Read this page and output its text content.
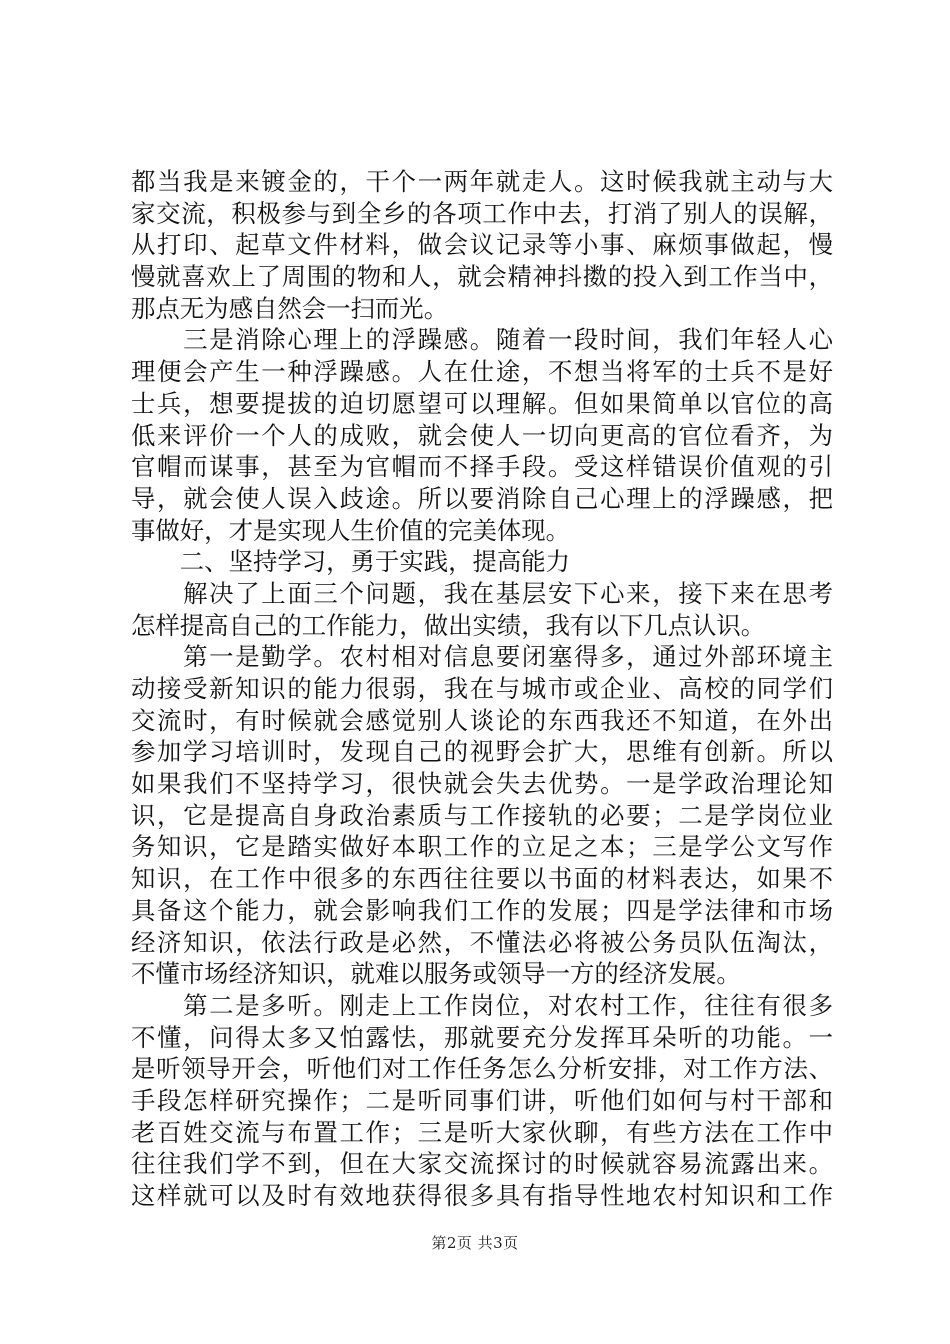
都当我是来镀金的，干个一两年就走人。这时候我就主动与大
家交流，积极参与到全乡的各项工作中去，打消了别人的误解，
从打印、起草文件材料，做会议记录等小事、麻烦事做起，慢
慢就喜欢上了周围的物和人，就会精神抖擞的投入到工作当中，
那点无为感自然会一扫而光。
　　三是消除心理上的浮躁感。随着一段时间，我们年轻人心
理便会产生一种浮躁感。人在仕途，不想当将军的士兵不是好
士兵，想要提拔的迫切愿望可以理解。但如果简单以官位的高
低来评价一个人的成败，就会使人一切向更高的官位看齐，为
官帽而谋事，甚至为官帽而不择手段。受这样错误价值观的引
导，就会使人误入歧途。所以要消除自己心理上的浮躁感，把
事做好，才是实现人生价值的完美体现。
　　二、坚持学习，勇于实践，提高能力
　　解决了上面三个问题，我在基层安下心来，接下来在思考
怎样提高自己的工作能力，做出实绩，我有以下几点认识。
　　第一是勤学。农村相对信息要闭塞得多，通过外部环境主
动接受新知识的能力很弱，我在与城市或企业、高校的同学们
交流时，有时候就会感觉别人谈论的东西我还不知道，在外出
参加学习培训时，发现自己的视野会扩大，思维有创新。所以
如果我们不坚持学习，很快就会失去优势。一是学政治理论知
识，它是提高自身政治素质与工作接轨的必要；二是学岗位业
务知识，它是踏实做好本职工作的立足之本；三是学公文写作
知识，在工作中很多的东西往往要以书面的材料表达，如果不
具备这个能力，就会影响我们工作的发展；四是学法律和市场
经济知识，依法行政是必然，不懂法必将被公务员队伍淘汰，
不懂市场经济知识，就难以服务或领导一方的经济发展。
　　第二是多听。刚走上工作岗位，对农村工作，往往有很多
不懂，问得太多又怕露怯，那就要充分发挥耳朵听的功能。一
是听领导开会，听他们对工作任务怎么分析安排，对工作方法、
手段怎样研究操作；二是听同事们讲，听他们如何与村干部和
老百姓交流与布置工作；三是听大家伙聊，有些方法在工作中
往往我们学不到，但在大家交流探讨的时候就容易流露出来。
这样就可以及时有效地获得很多具有指导性地农村知识和工作
第2页 共3页
